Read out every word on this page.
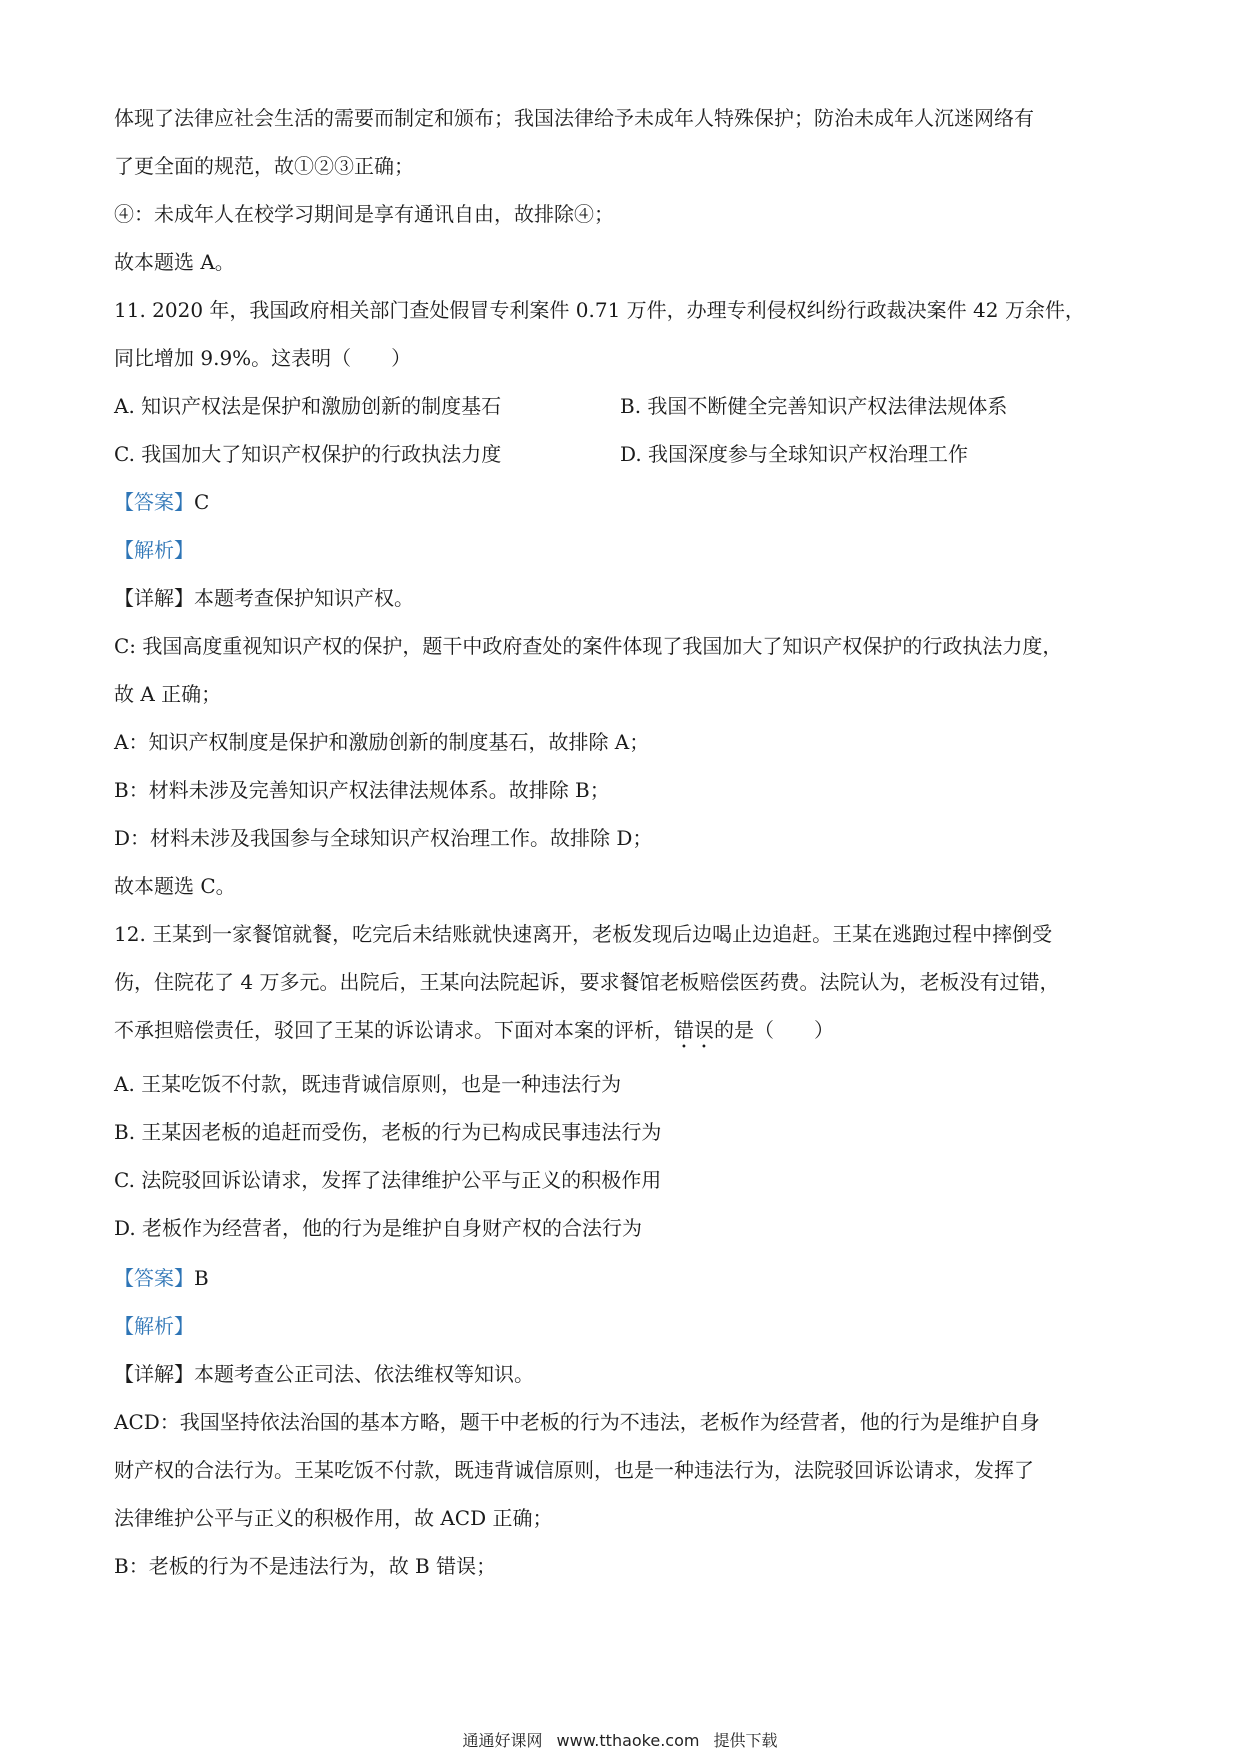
体现了法律应社会生活的需要而制定和颁布；我国法律给予未成年人特殊保护；防治未成年人沉迷网络有
了更全面的规范，故①②③正确；
④：未成年人在校学习期间是享有通讯自由，故排除④；
故本题选 A。
11. 2020 年，我国政府相关部门查处假冒专利案件 0.71 万件，办理专利侵权纠纷行政裁决案件 42 万余件，
同比增加 9.9%。这表明（　　）
A. 知识产权法是保护和激励创新的制度基石	B. 我国不断健全完善知识产权法律法规体系
C. 我国加大了知识产权保护的行政执法力度	D. 我国深度参与全球知识产权治理工作
【答案】C
【解析】
【详解】本题考查保护知识产权。
C: 我国高度重视知识产权的保护，题干中政府查处的案件体现了我国加大了知识产权保护的行政执法力度，
故 A 正确；
A：知识产权制度是保护和激励创新的制度基石，故排除 A；
B：材料未涉及完善知识产权法律法规体系。故排除 B；
D：材料未涉及我国参与全球知识产权治理工作。故排除 D；
故本题选 C。
12. 王某到一家餐馆就餐，吃完后未结账就快速离开，老板发现后边喝止边追赶。王某在逃跑过程中摔倒受
伤，住院花了 4 万多元。出院后，王某向法院起诉，要求餐馆老板赔偿医药费。法院认为，老板没有过错，
不承担赔偿责任，驳回了王某的诉讼请求。下面对本案的评析，错误的是（　　）
A. 王某吃饭不付款，既违背诚信原则，也是一种违法行为
B. 王某因老板的追赶而受伤，老板的行为已构成民事违法行为
C. 法院驳回诉讼请求，发挥了法律维护公平与正义的积极作用
D. 老板作为经营者，他的行为是维护自身财产权的合法行为
【答案】B
【解析】
【详解】本题考查公正司法、依法维权等知识。
ACD：我国坚持依法治国的基本方略，题干中老板的行为不违法，老板作为经营者，他的行为是维护自身
财产权的合法行为。王某吃饭不付款，既违背诚信原则，也是一种违法行为，法院驳回诉讼请求，发挥了
法律维护公平与正义的积极作用，故 ACD 正确；
B：老板的行为不是违法行为，故 B 错误；
通通好课网 www.tthaoke.com 提供下载
